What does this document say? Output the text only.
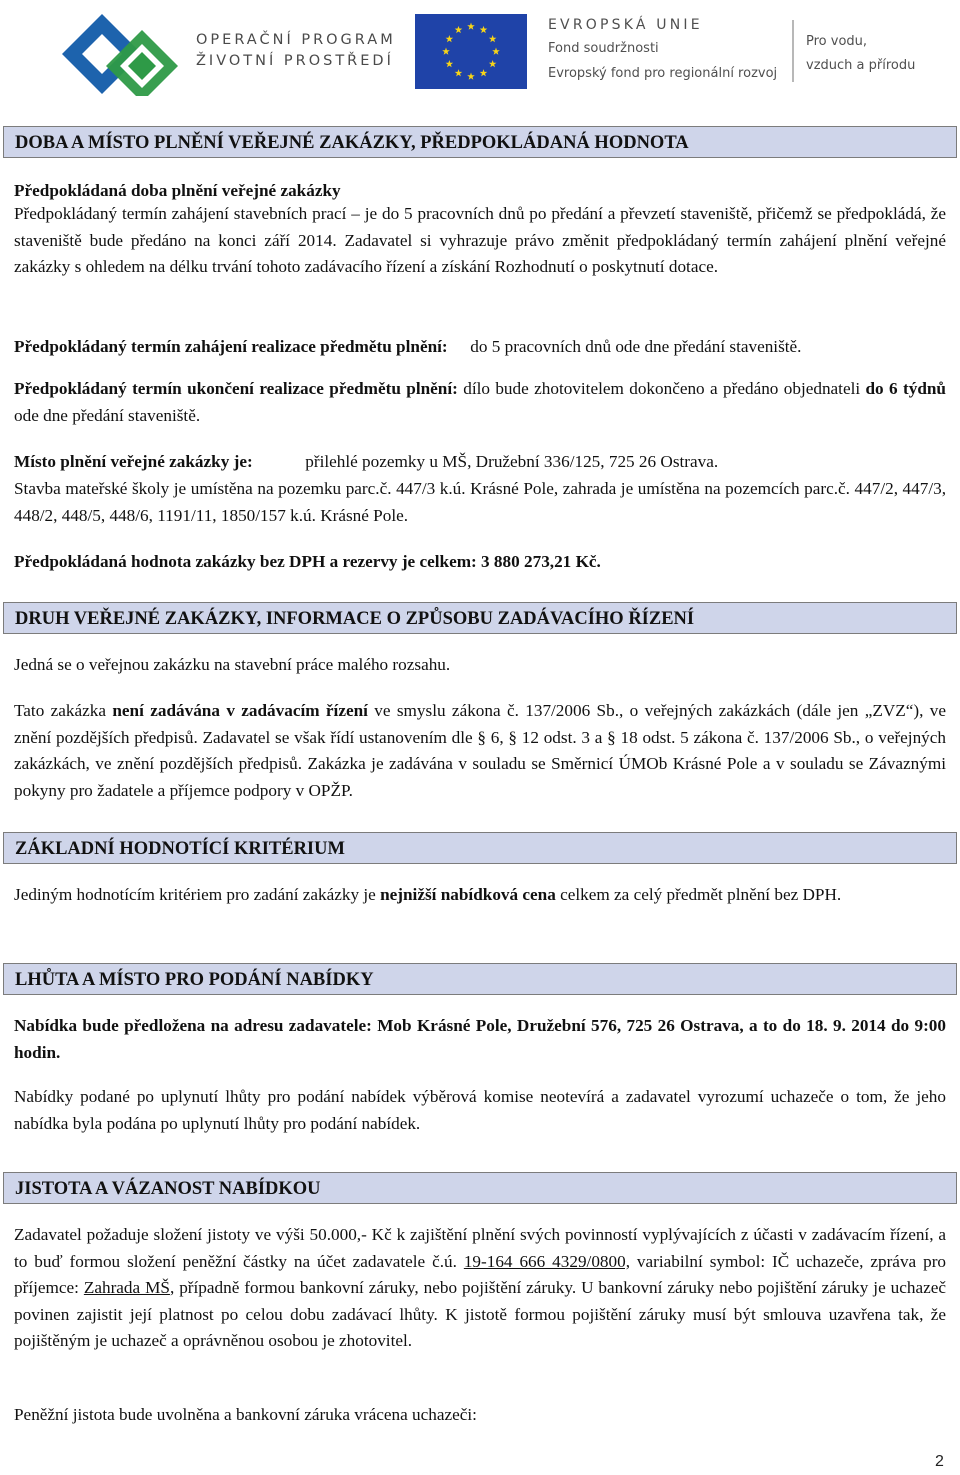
OPERAČNÍ PROGRAM
ŽIVOTNÍ PROSTŘEDÍ
EVROPSKÁ UNIE
Fond soudržnosti
Evropský fond pro regionální rozvoj
Pro vodu,
vzduch a přírodu
DOBA A MÍSTO PLNĚNÍ VEŘEJNÉ ZAKÁZKY, PŘEDPOKLÁDANÁ HODNOTA
Předpokládaná doba plnění veřejné zakázky
Předpokládaný termín zahájení stavebních prací – je do 5 pracovních dnů po předání a převzetí staveniště, přičemž se předpokládá, že staveniště bude předáno na konci září 2014. Zadavatel si vyhrazuje právo změnit předpokládaný termín zahájení plnění veřejné zakázky s ohledem na délku trvání tohoto zadávacího řízení a získání Rozhodnutí o poskytnutí dotace.
Předpokládaný termín zahájení realizace předmětu plnění: do 5 pracovních dnů ode dne předání staveniště.
Předpokládaný termín ukončení realizace předmětu plnění: dílo bude zhotovitelem dokončeno a předáno objednateli do 6 týdnů ode dne předání staveniště.
Místo plnění veřejné zakázky je:	přilehlé pozemky u MŠ, Družební 336/125, 725 26 Ostrava.
Stavba mateřské školy je umístěna na pozemku parc.č. 447/3 k.ú. Krásné Pole, zahrada je umístěna na pozemcích parc.č. 447/2, 447/3, 448/2, 448/5, 448/6, 1191/11, 1850/157 k.ú. Krásné Pole.
Předpokládaná hodnota zakázky bez DPH a rezervy je celkem: 3 880 273,21 Kč.
DRUH VEŘEJNÉ ZAKÁZKY, INFORMACE O ZPŮSOBU ZADÁVACÍHO ŘÍZENÍ
Jedná se o veřejnou zakázku na stavební práce malého rozsahu.
Tato zakázka není zadávána v zadávacím řízení ve smyslu zákona č. 137/2006 Sb., o veřejných zakázkách (dále jen „ZVZ“), ve znění pozdějších předpisů. Zadavatel se však řídí ustanovením dle § 6, § 12 odst. 3 a § 18 odst. 5 zákona č. 137/2006 Sb., o veřejných zakázkách, ve znění pozdějších předpisů. Zakázka je zadávána v souladu se Směrnicí ÚMOb Krásné Pole a v souladu se Závaznými pokyny pro žadatele a příjemce podpory v OPŽP.
ZÁKLADNÍ HODNOTÍCÍ KRITÉRIUM
Jediným hodnotícím kritériem pro zadání zakázky je nejnižší nabídková cena celkem za celý předmět plnění bez DPH.
LHŮTA A MÍSTO PRO PODÁNÍ NABÍDKY
Nabídka bude předložena na adresu zadavatele: Mob Krásné Pole, Družební 576, 725 26 Ostrava, a to do 18. 9. 2014 do 9:00 hodin.
Nabídky podané po uplynutí lhůty pro podání nabídek výběrová komise neotevírá a zadavatel vyrozumí uchazeče o tom, že jeho nabídka byla podána po uplynutí lhůty pro podání nabídek.
JISTOTA A VÁZANOST NABÍDKOU
Zadavatel požaduje složení jistoty ve výši 50.000,- Kč k zajištění plnění svých povinností vyplývajících z účasti v zadávacím řízení, a to buď formou složení peněžní částky na účet zadavatele č.ú. 19-164 666 4329/0800, variabilní symbol: IČ uchazeče, zpráva pro příjemce: Zahrada MŠ, případně formou bankovní záruky, nebo pojištění záruky. U bankovní záruky nebo pojištění záruky je uchazeč povinen zajistit její platnost po celou dobu zadávací lhůty. K jistotě formou pojištění záruky musí být smlouva uzavřena tak, že pojištěným je uchazeč a oprávněnou osobou je zhotovitel.
Peněžní jistota bude uvolněna a bankovní záruka vrácena uchazeči:
2
